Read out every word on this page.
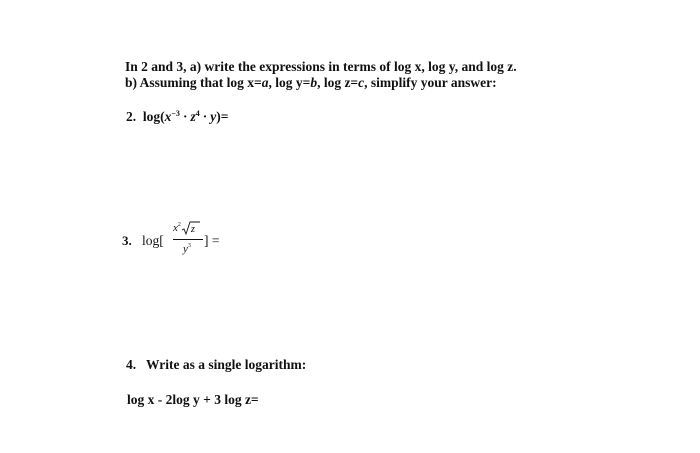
In 2 and 3, a) write the expressions in terms of log x, log y, and log z.
b) Assuming that log x=a, log y=b, log z=c, simplify your answer:
2. $\log(x^{-3} \cdot z^4 \cdot y)=$
3. log[
$x^2$ z
$y^3$ ] =
4.   Write as a single logarithm:
log x - 2log y + 3 log z=
